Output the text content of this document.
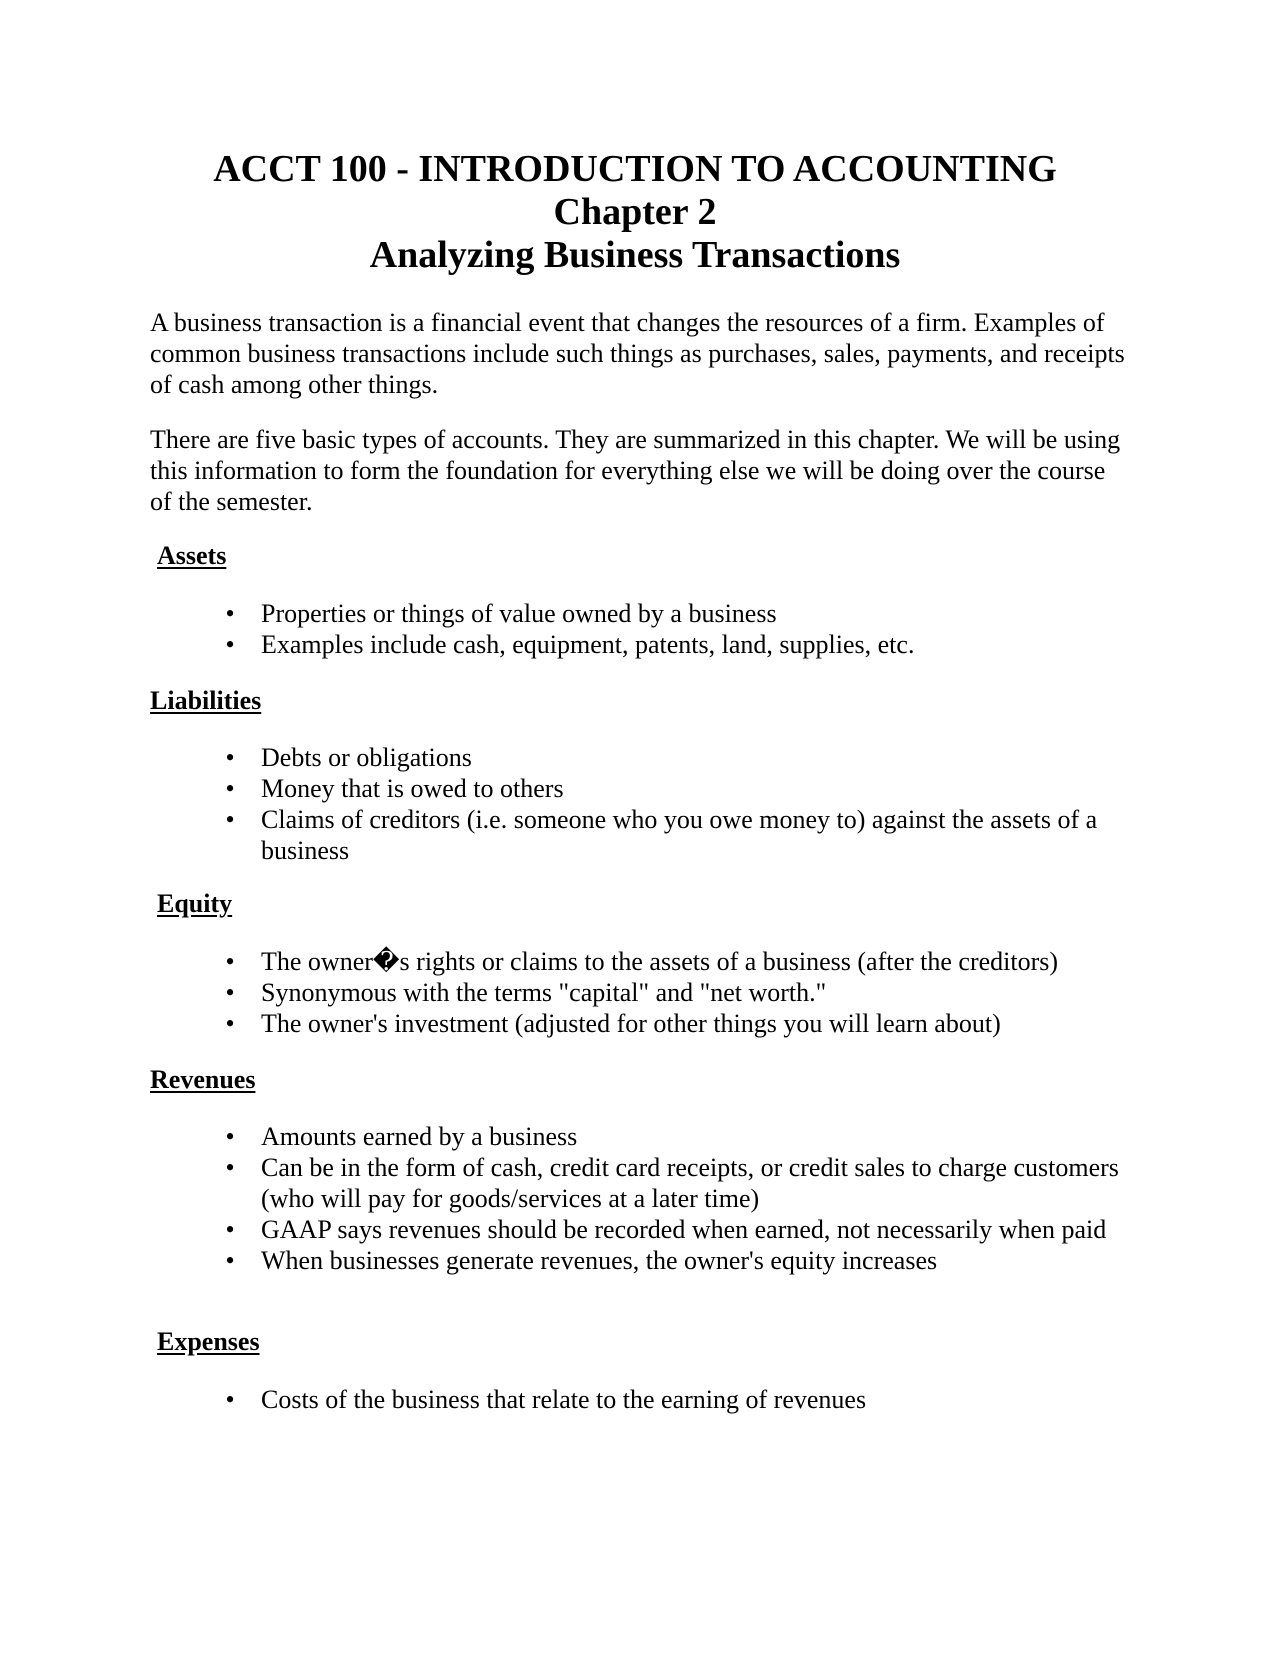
ACCT 100 - INTRODUCTION TO ACCOUNTING
Chapter 2
Analyzing Business Transactions

A business transaction is a financial event that changes the resources of a firm. Examples of common business transactions include such things as purchases, sales, payments, and receipts of cash among other things.

There are five basic types of accounts. They are summarized in this chapter. We will be using this information to form the foundation for everything else we will be doing over the course of the semester.

Assets
• Properties or things of value owned by a business
• Examples include cash, equipment, patents, land, supplies, etc.
Liabilities
• Debts or obligations
• Money that is owed to others
• Claims of creditors (i.e. someone who you owe money to) against the assets of a business
Equity
• The owner�s rights or claims to the assets of a business (after the creditors)
• Synonymous with the terms "capital" and "net worth."
• The owner's investment (adjusted for other things you will learn about)
Revenues
• Amounts earned by a business
• Can be in the form of cash, credit card receipts, or credit sales to charge customers (who will pay for goods/services at a later time)
• GAAP says revenues should be recorded when earned, not necessarily when paid
• When businesses generate revenues, the owner's equity increases
Expenses
• Costs of the business that relate to the earning of revenues
